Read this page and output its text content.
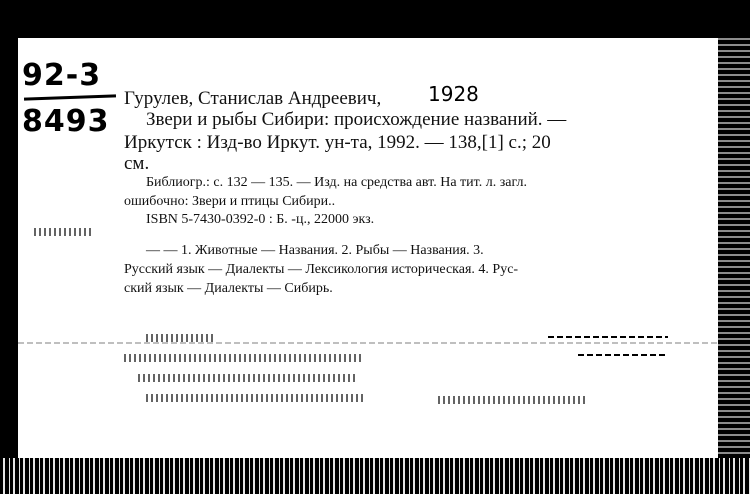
92-3
8493
Гурулев, Станислав Андреевич, 1928
Звери и рыбы Сибири: происхождение названий. —
Иркутск : Изд-во Иркут. ун-та, 1992. — 138,[1] с.; 20
см.
Библиогр.: с. 132 — 135. — Изд. на средства авт. На тит. л. загл.
ошибочно: Звери и птицы Сибири..
ISBN 5-7430-0392-0 : Б. -ц., 22000 экз.
— — 1. Животные — Названия. 2. Рыбы — Названия. 3.
Русский язык — Диалекты — Лексикология историческая. 4. Рус-
ский язык — Диалекты — Сибирь.
